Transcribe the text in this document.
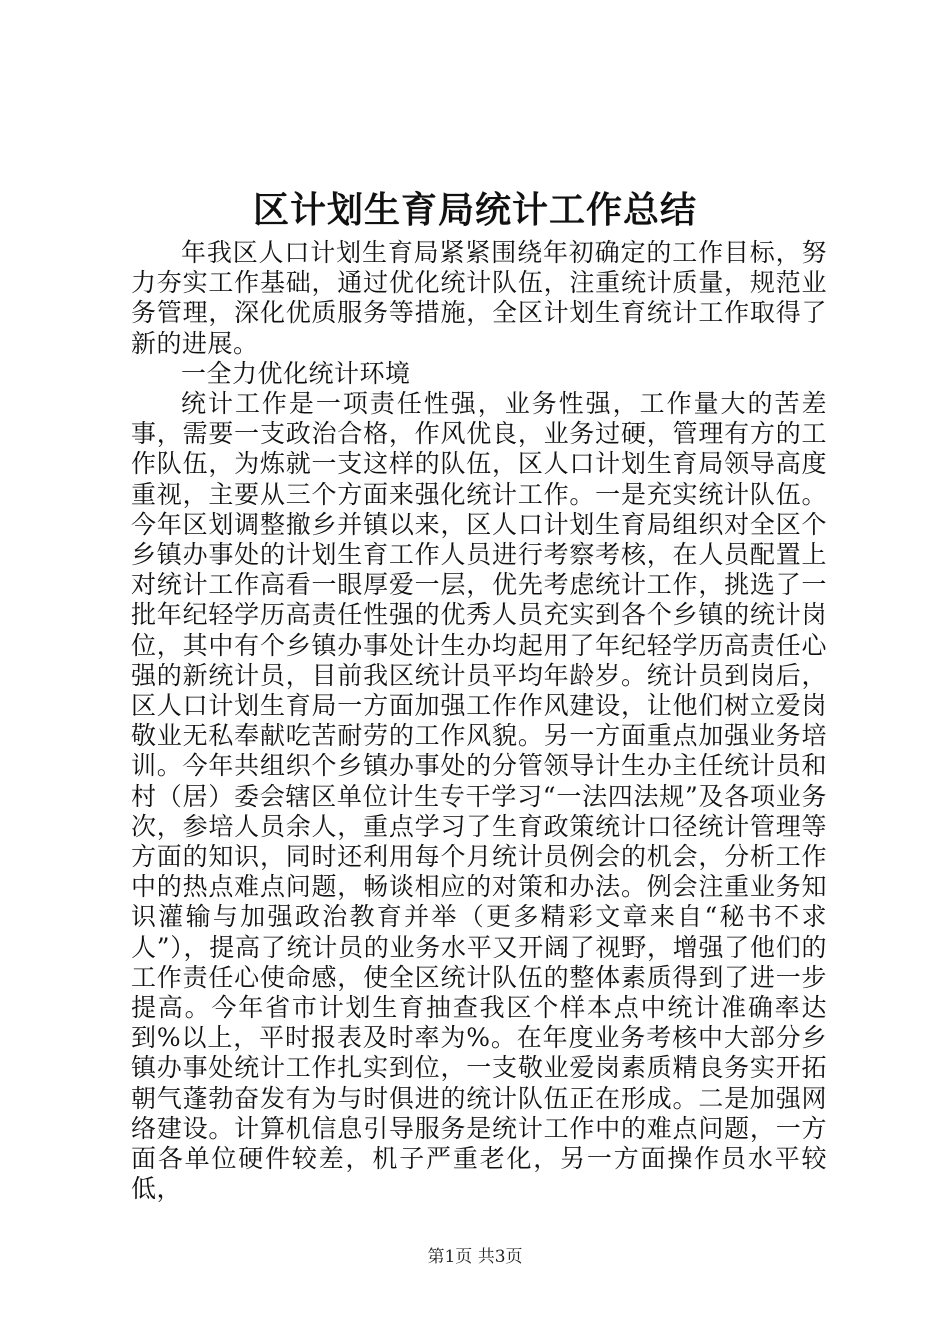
区计划生育局统计工作总结

年我区人口计划生育局紧紧围绕年初确定的工作目标，努力夯实工作基础，通过优化统计队伍，注重统计质量，规范业务管理，深化优质服务等措施，全区计划生育统计工作取得了新的进展。

一全力优化统计环境

统计工作是一项责任性强，业务性强，工作量大的苦差事，需要一支政治合格，作风优良，业务过硬，管理有方的工作队伍，为炼就一支这样的队伍，区人口计划生育局领导高度重视，主要从三个方面来强化统计工作。一是充实统计队伍。今年区划调整撤乡并镇以来，区人口计划生育局组织对全区个乡镇办事处的计划生育工作人员进行考察考核，在人员配置上对统计工作高看一眼厚爱一层，优先考虑统计工作，挑选了一批年纪轻学历高责任性强的优秀人员充实到各个乡镇的统计岗位，其中有个乡镇办事处计生办均起用了年纪轻学历高责任心强的新统计员，目前我区统计员平均年龄岁。统计员到岗后，区人口计划生育局一方面加强工作作风建设，让他们树立爱岗敬业无私奉献吃苦耐劳的工作风貌。另一方面重点加强业务培训。今年共组织个乡镇办事处的分管领导计生办主任统计员和村（居）委会辖区单位计生专干学习“一法四法规”及各项业务次，参培人员余人，重点学习了生育政策统计口径统计管理等方面的知识，同时还利用每个月统计员例会的机会，分析工作中的热点难点问题，畅谈相应的对策和办法。例会注重业务知识灌输与加强政治教育并举（更多精彩文章来自“秘书不求人”），提高了统计员的业务水平又开阔了视野，增强了他们的工作责任心使命感，使全区统计队伍的整体素质得到了进一步提高。今年省市计划生育抽查我区个样本点中统计准确率达到%以上，平时报表及时率为%。在年度业务考核中大部分乡镇办事处统计工作扎实到位，一支敬业爱岗素质精良务实开拓朝气蓬勃奋发有为与时俱进的统计队伍正在形成。二是加强网络建设。计算机信息引导服务是统计工作中的难点问题，一方面各单位硬件较差，机子严重老化，另一方面操作员水平较低，

第1页 共3页
